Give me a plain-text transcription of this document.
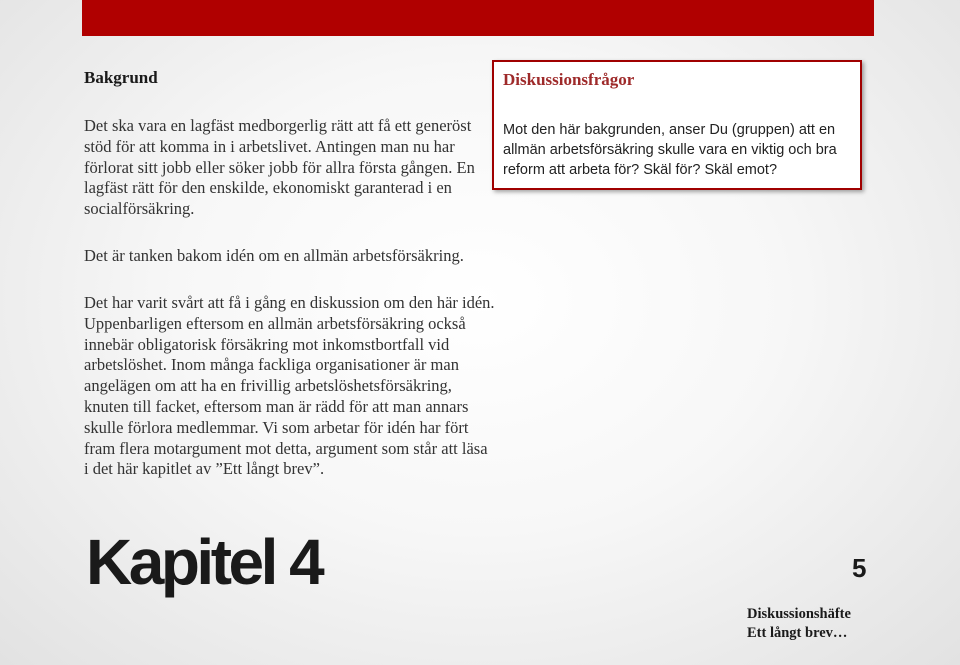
Bakgrund

Det ska vara en lagfäst medborgerlig rätt att få ett generöst stöd för att komma in i arbetslivet. Antingen man nu har förlorat sitt jobb eller söker jobb för allra första gången. En lagfäst rätt för den enskilde, ekonomiskt garanterad i en socialförsäkring.

Det är tanken bakom idén om en allmän arbetsförsäkring.

Det har varit svårt att få i gång en diskussion om den här idén. Uppenbarligen eftersom en allmän arbetsförsäkring också innebär obligatorisk försäkring mot inkomstbortfall vid arbetslöshet. Inom många fackliga organisationer är man angelägen om att ha en frivillig arbetslöshetsförsäkring, knuten till facket, eftersom man är rädd för att man annars skulle förlora medlemmar. Vi som arbetar för idén har fört fram flera motargument mot detta, argument som står att läsa i det här kapitlet av ”Ett långt brev”.

Diskussionsfrågor

Mot den här bakgrunden, anser Du (gruppen) att en allmän arbetsförsäkring skulle vara en viktig och bra reform att arbeta för? Skäl för? Skäl emot?

Kapitel 4	5
Diskussionshäfte
Ett långt brev…
